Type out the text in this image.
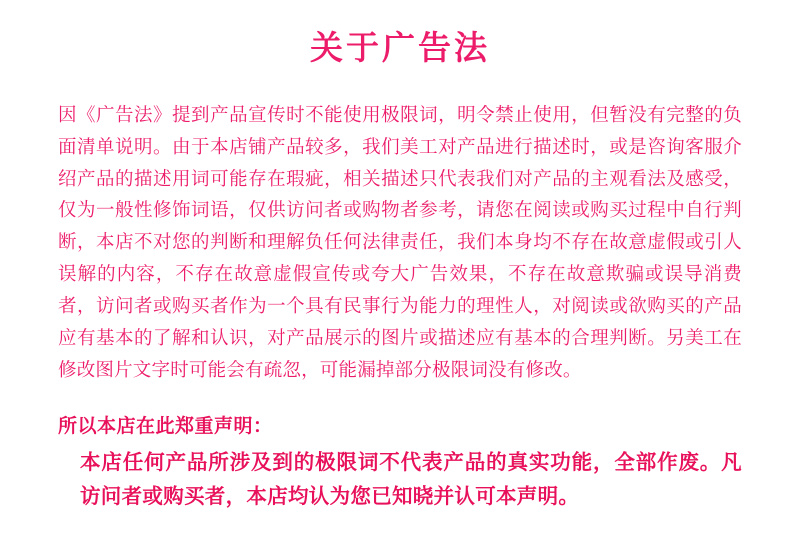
关于广告法

因《广告法》提到产品宣传时不能使用极限词，明令禁止使用，但暂没有完整的负面清单说明。由于本店铺产品较多，我们美工对产品进行描述时，或是咨询客服介绍产品的描述用词可能存在瑕疵，相关描述只代表我们对产品的主观看法及感受，仅为一般性修饰词语，仅供访问者或购物者参考，请您在阅读或购买过程中自行判断，本店不对您的判断和理解负任何法律责任，我们本身均不存在故意虚假或引人误解的内容，不存在故意虚假宣传或夸大广告效果，不存在故意欺骗或误导消费者，访问者或购买者作为一个具有民事行为能力的理性人，对阅读或欲购买的产品应有基本的了解和认识，对产品展示的图片或描述应有基本的合理判断。另美工在修改图片文字时可能会有疏忽，可能漏掉部分极限词没有修改。

所以本店在此郑重声明：

本店任何产品所涉及到的极限词不代表产品的真实功能，全部作废。凡访问者或购买者，本店均认为您已知晓并认可本声明。
